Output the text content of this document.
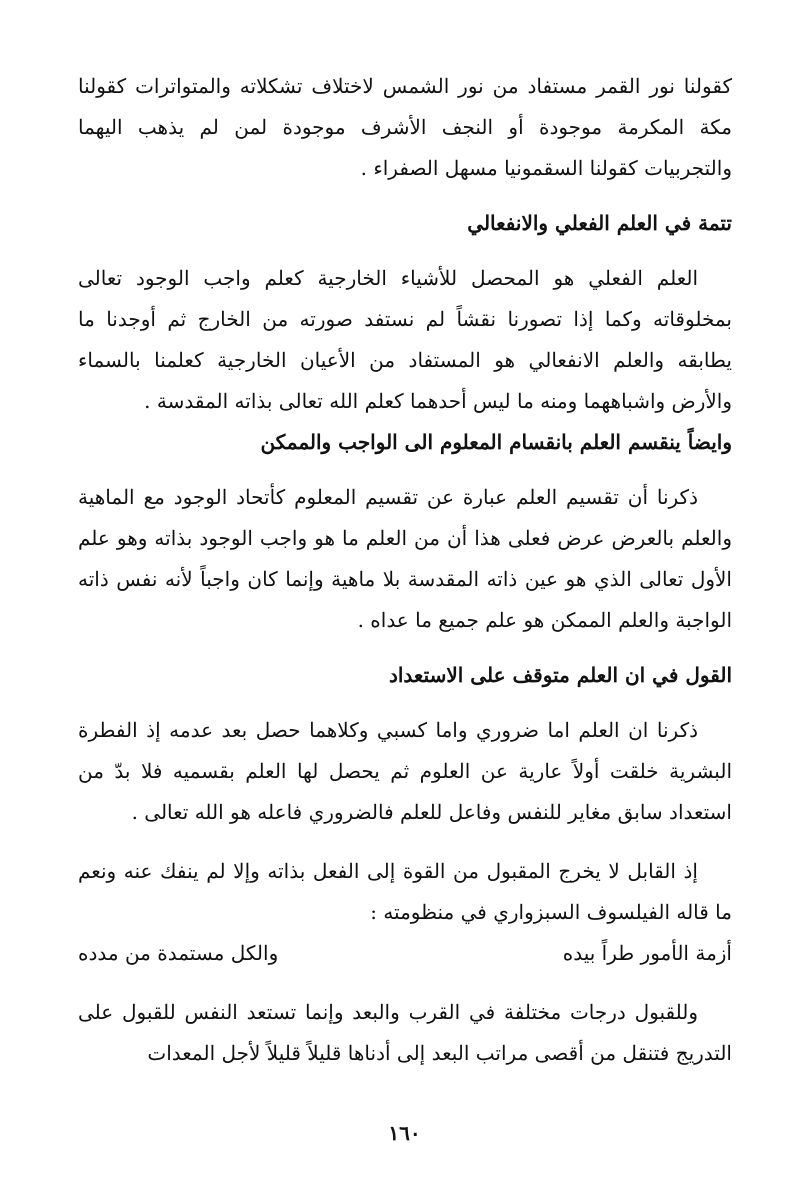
كقولنا نور القمر مستفاد من نور الشمس لاختلاف تشكلاته والمتواترات كقولنا مكة المكرمة موجودة أو النجف الأشرف موجودة لمن لم يذهب اليهما والتجربيات كقولنا السقمونيا مسهل الصفراء .

تتمة في العلم الفعلي والانفعالي

العلم الفعلي هو المحصل للأشياء الخارجية كعلم واجب الوجود تعالى بمخلوقاته وكما إذا تصورنا نقشاً لم نستفد صورته من الخارج ثم أوجدنا ما يطابقه والعلم الانفعالي هو المستفاد من الأعيان الخارجية كعلمنا بالسماء والأرض واشباههما ومنه ما ليس أحدهما كعلم الله تعالى بذاته المقدسة .

وايضاً ينقسم العلم بانقسام المعلوم الى الواجب والممكن

ذكرنا أن تقسيم العلم عبارة عن تقسيم المعلوم كأتحاد الوجود مع الماهية والعلم بالعرض عرض فعلى هذا أن من العلم ما هو واجب الوجود بذاته وهو علم الأول تعالى الذي هو عين ذاته المقدسة بلا ماهية وإنما كان واجباً لأنه نفس ذاته الواجبة والعلم الممكن هو علم جميع ما عداه .

القول في ان العلم متوقف على الاستعداد

ذكرنا ان العلم اما ضروري واما كسبي وكلاهما حصل بعد عدمه إذ الفطرة البشرية خلقت أولاً عارية عن العلوم ثم يحصل لها العلم بقسميه فلا بدّ من استعداد سابق مغاير للنفس وفاعل للعلم فالضروري فاعله هو الله تعالى .

إذ القابل لا يخرج المقبول من القوة إلى الفعل بذاته وإلا لم ينفك عنه ونعم ما قاله الفيلسوف السبزواري في منظومته :

أزمة الأمور طراً بيده
والكل مستمدة من مدده

وللقبول درجات مختلفة في القرب والبعد وإنما تستعد النفس للقبول على التدريج فتنقل من أقصى مراتب البعد إلى أدناها قليلاً قليلاً لأجل المعدات

١٦٠
